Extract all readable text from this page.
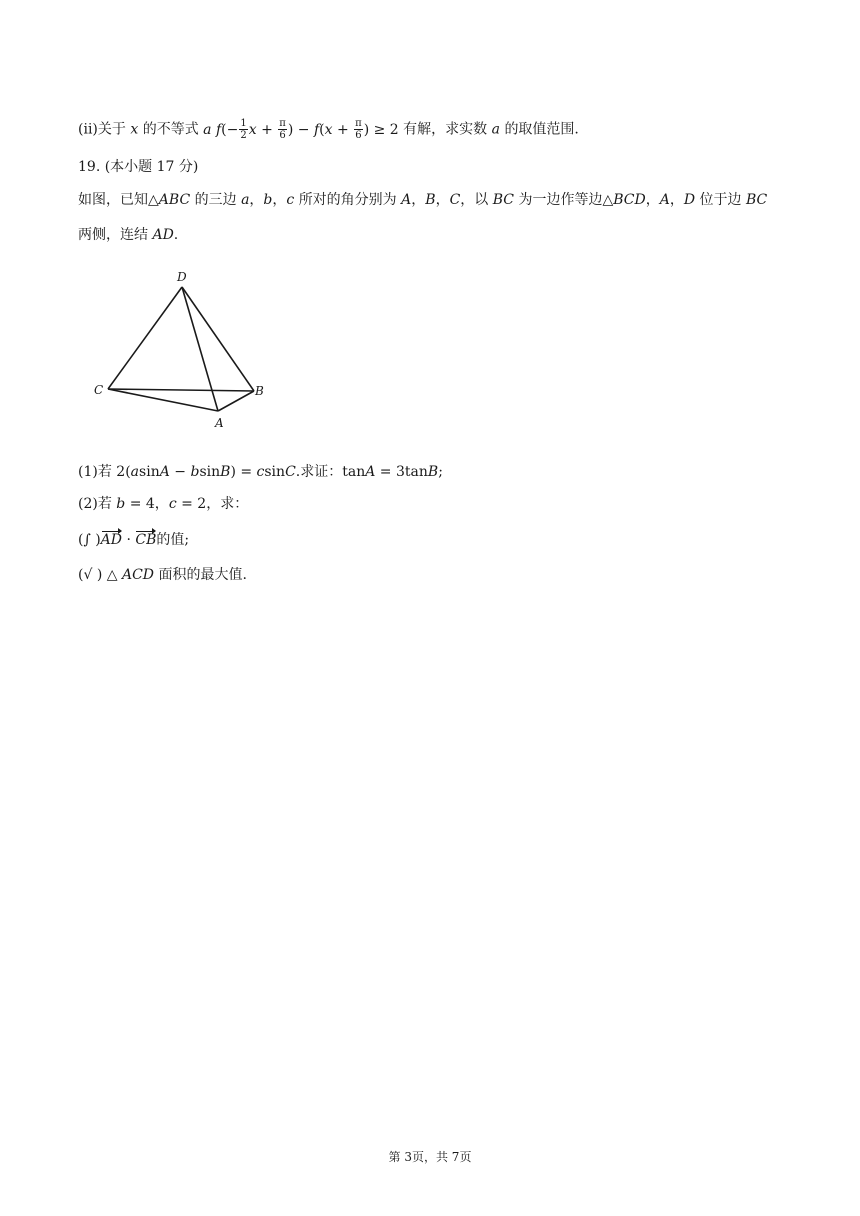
(ⅱ)关于 x 的不等式 a $f(- \frac{1}{2}$ $x + \frac{\pi}{6}$ ) − $f(x + \frac{\pi}{6}$ ) ≥ 2 有解，求实数 a 的取值范围.
19. (本小题 17 分)
如图，已知△ABC 的三边 a，b，c 所对的角分别为 A，B，C，以 BC 为一边作等边△BCD，A，D 位于边 BC
两侧，连结 AD.
D
C	B
A
(1)若 2(asinA − bsinB) = csinC.求证：tanA = 3tanB;
(2)若 b = 4，c = 2，求：
(∫ )AD · CB的值;
(√ ) △ ACD 面积的最大值.
第 3页，共 7页
